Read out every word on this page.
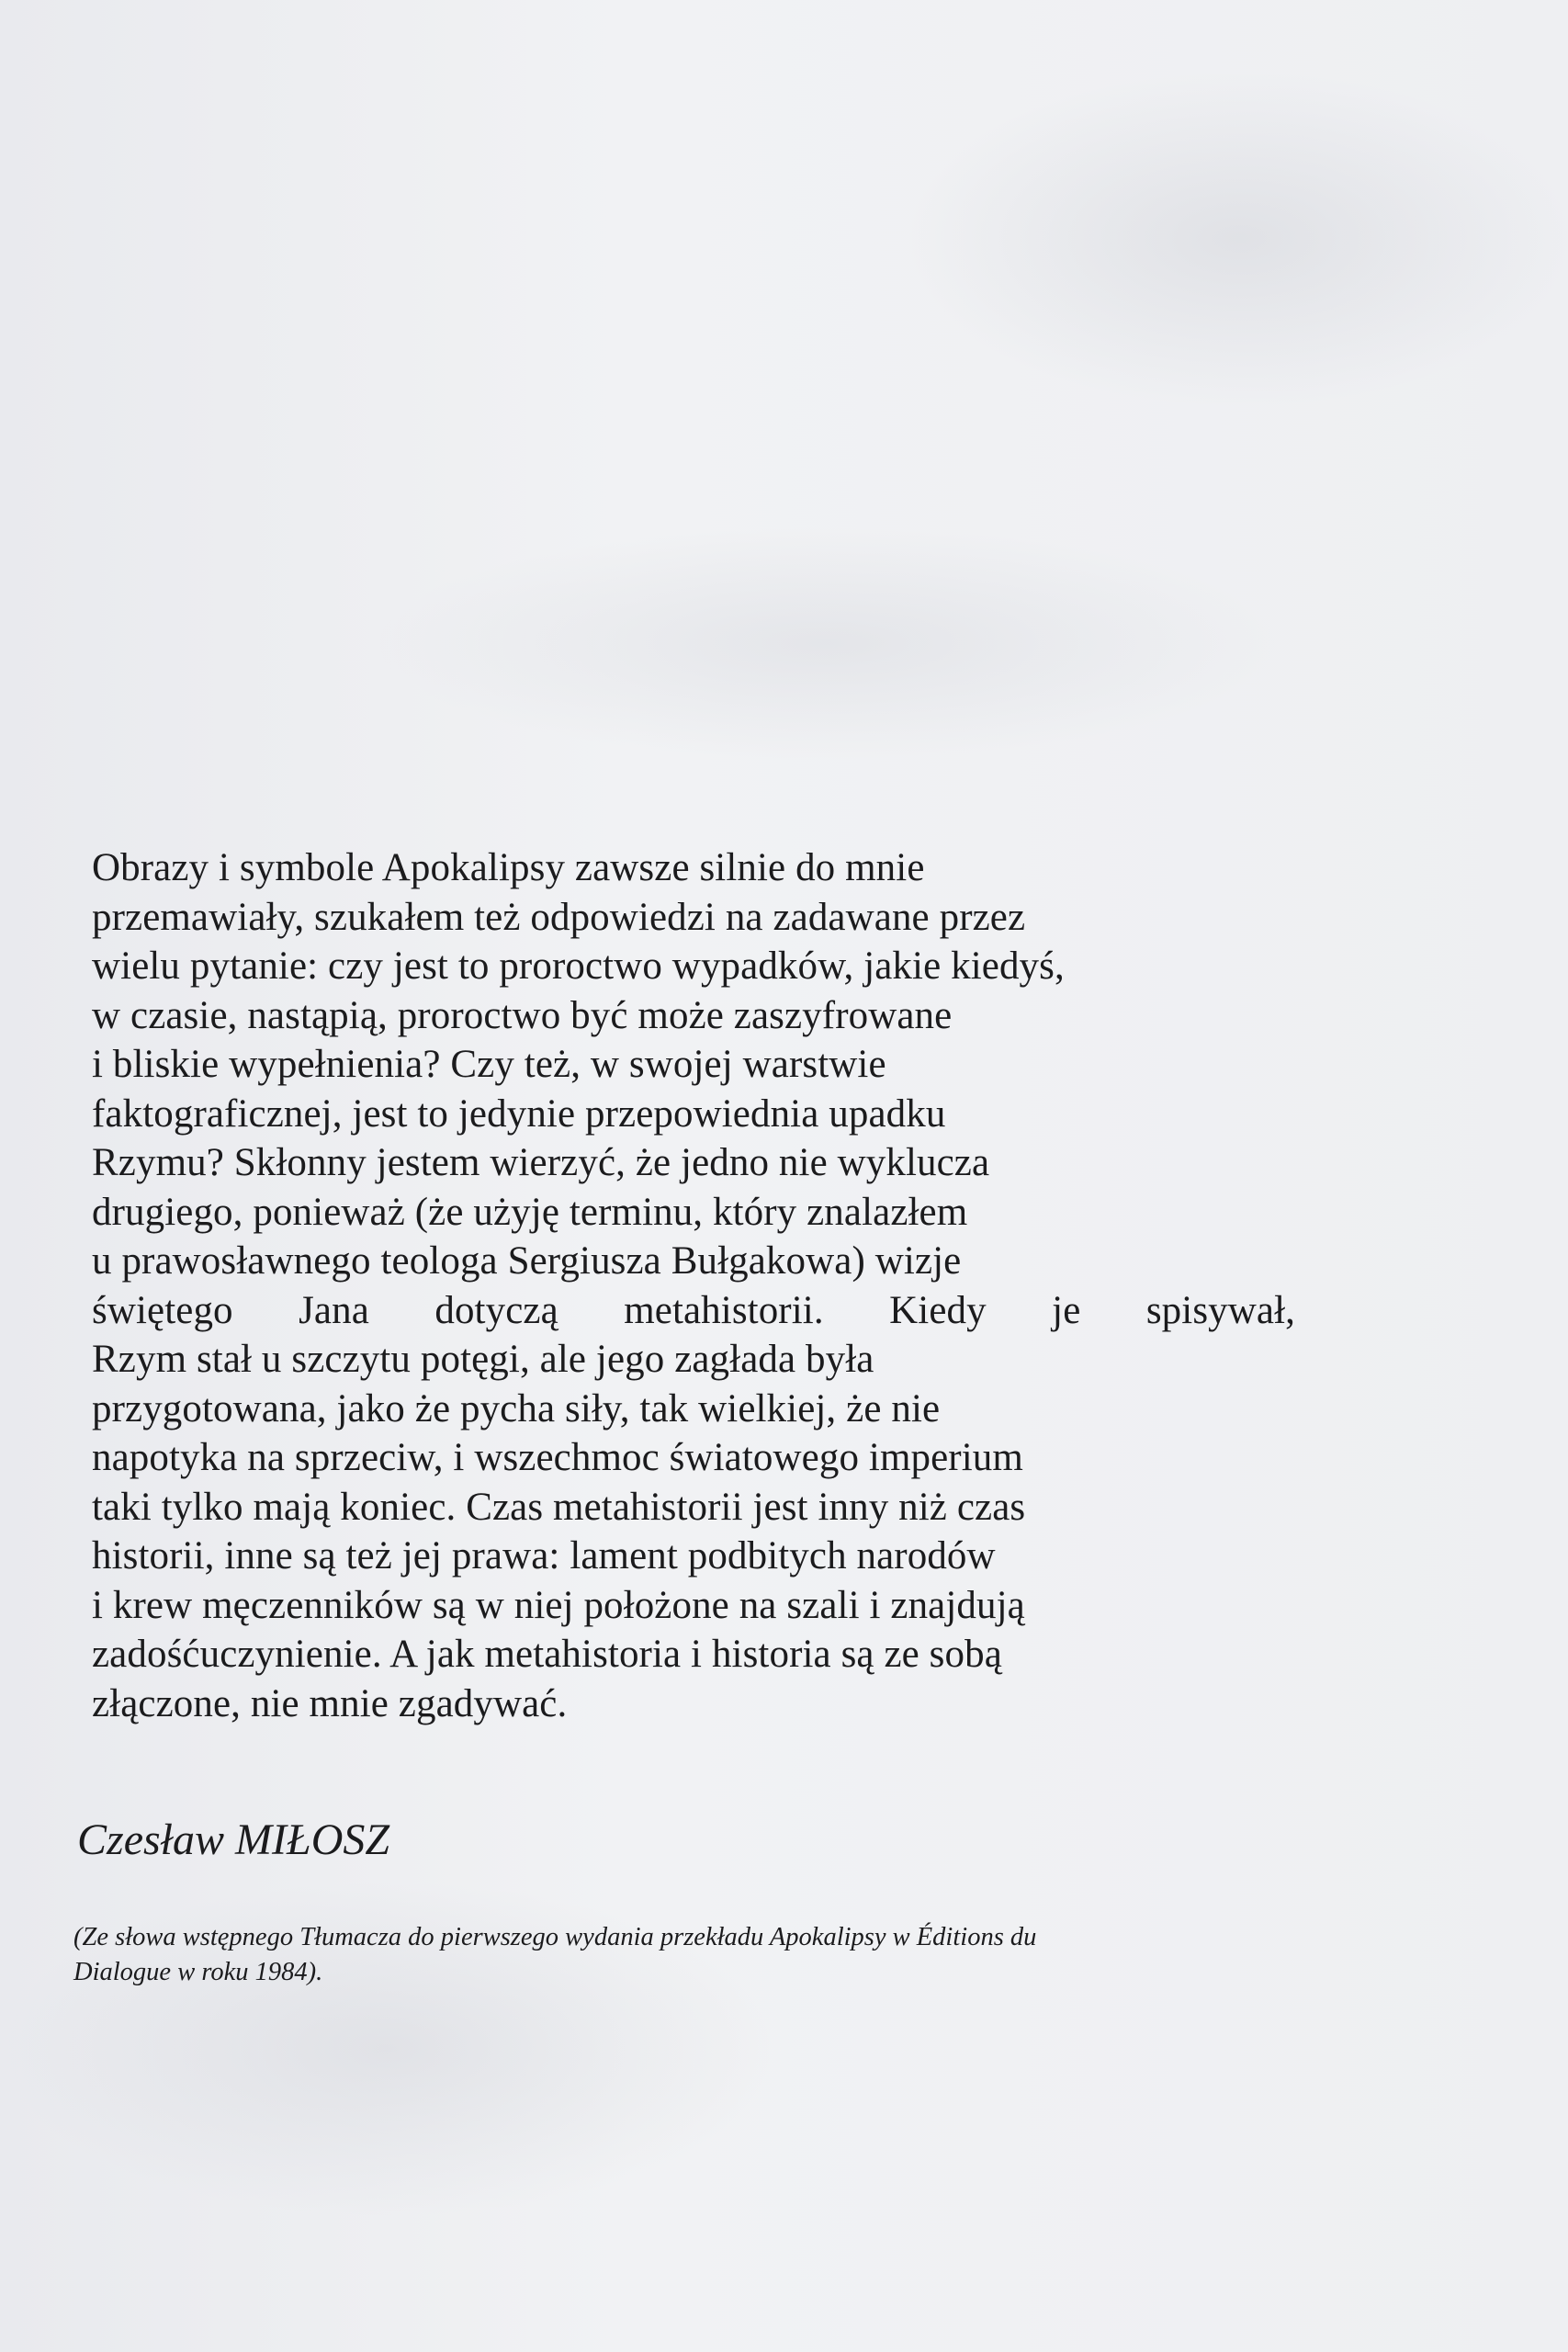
Obrazy i symbole Apokalipsy zawsze silnie do mnie
przemawiały, szukałem też odpowiedzi na zadawane przez
wielu pytanie: czy jest to proroctwo wypadków, jakie kiedyś,
w czasie, nastąpią, proroctwo być może zaszyfrowane
i bliskie wypełnienia? Czy też, w swojej warstwie
faktograficznej, jest to jedynie przepowiednia upadku
Rzymu? Skłonny jestem wierzyć, że jedno nie wyklucza
drugiego, ponieważ (że użyję terminu, który znalazłem
u prawosławnego teologa Sergiusza Bułgakowa) wizje
świętego Jana dotyczą metahistorii. Kiedy je spisywał,
Rzym stał u szczytu potęgi, ale jego zagłada była
przygotowana, jako że pycha siły, tak wielkiej, że nie
napotyka na sprzeciw, i wszechmoc światowego imperium
taki tylko mają koniec. Czas metahistorii jest inny niż czas
historii, inne są też jej prawa: lament podbitych narodów
i krew męczenników są w niej położone na szali i znajdują
zadośćuczynienie. A jak metahistoria i historia są ze sobą
złączone, nie mnie zgadywać.
Czesław MIŁOSZ
(Ze słowa wstępnego Tłumacza do pierwszego wydania przekładu Apokalipsy w Éditions du
Dialogue w roku 1984).
